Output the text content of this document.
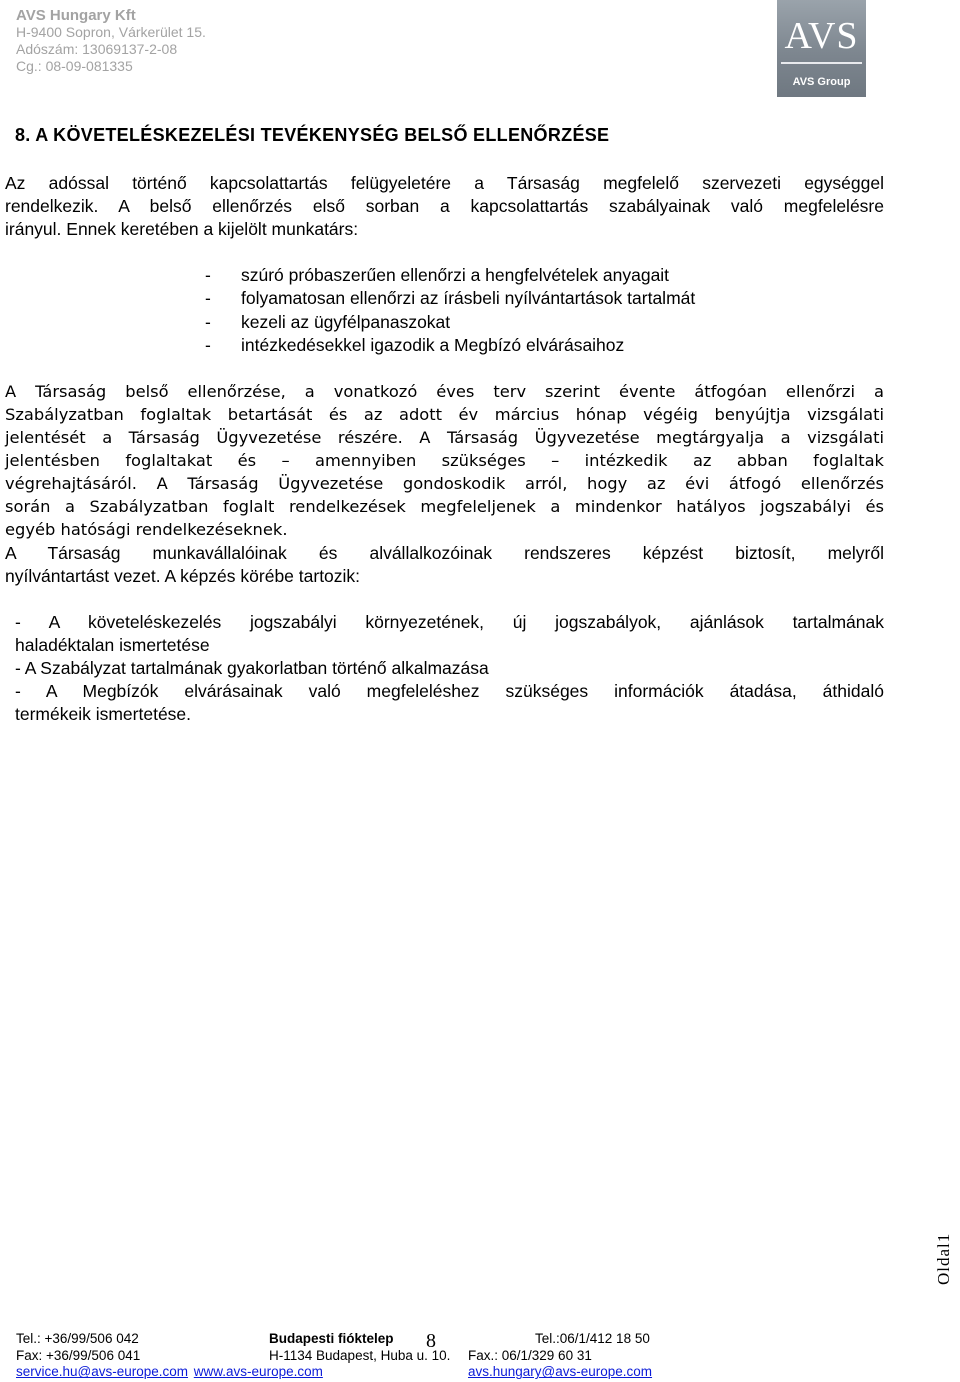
AVS Hungary Kft
H-9400 Sopron, Várkerület 15.
Adószám: 13069137-2-08
Cg.: 08-09-081335
AVS
AVS Group
8. A KÖVETELÉSKEZELÉSI TEVÉKENYSÉG BELSŐ ELLENŐRZÉSE
Az adóssal történő kapcsolattartás felügyeletére a Társaság megfelelő szervezeti egységgel
rendelkezik. A belső ellenőrzés első sorban a kapcsolattartás szabályainak való megfelelésre
irányul. Ennek keretében a kijelölt munkatárs:
-	szúró próbaszerűen ellenőrzi a hengfelvételek anyagait
-	folyamatosan ellenőrzi az írásbeli nyílvántartások tartalmát
-	kezeli az ügyfélpanaszokat
-	intézkedésekkel igazodik a Megbízó elvárásaihoz
A Társaság belső ellenőrzése, a vonatkozó éves terv szerint évente átfogóan ellenőrzi a
Szabályzatban foglaltak betartását és az adott év március hónap végéig benyújtja vizsgálati
jelentését a Társaság Ügyvezetése részére. A Társaság Ügyvezetése megtárgyalja a vizsgálati
jelentésben foglaltakat és – amennyiben szükséges – intézkedik az abban foglaltak
végrehajtásáról. A Társaság Ügyvezetése gondoskodik arról, hogy az évi átfogó ellenőrzés
során a Szabályzatban foglalt rendelkezések megfeleljenek a mindenkor hatályos jogszabályi és
egyéb hatósági rendelkezéseknek.
A Társaság munkavállalóinak és alvállalkozóinak rendszeres képzést biztosít, melyről
nyílvántartást vezet. A képzés körébe tartozik:
- A követeléskezelés jogszabályi környezetének, új jogszabályok, ajánlások tartalmának
haladéktalan ismertetése
- A Szabályzat tartalmának gyakorlatban történő alkalmazása
- A Megbízók elvárásainak való megfeleléshez szükséges információk átadása, áthidaló
termékeik ismertetése.
Tel.: +36/99/506 042
Fax: +36/99/506 041
service.hu@avs-europe.com www.avs-europe.com
Budapesti fióktelep
H-1134 Budapest, Huba u. 10.
Tel.:06/1/412 18 50
Fax.: 06/1/329 60 31
avs.hungary@avs-europe.com
8
Oldal1
